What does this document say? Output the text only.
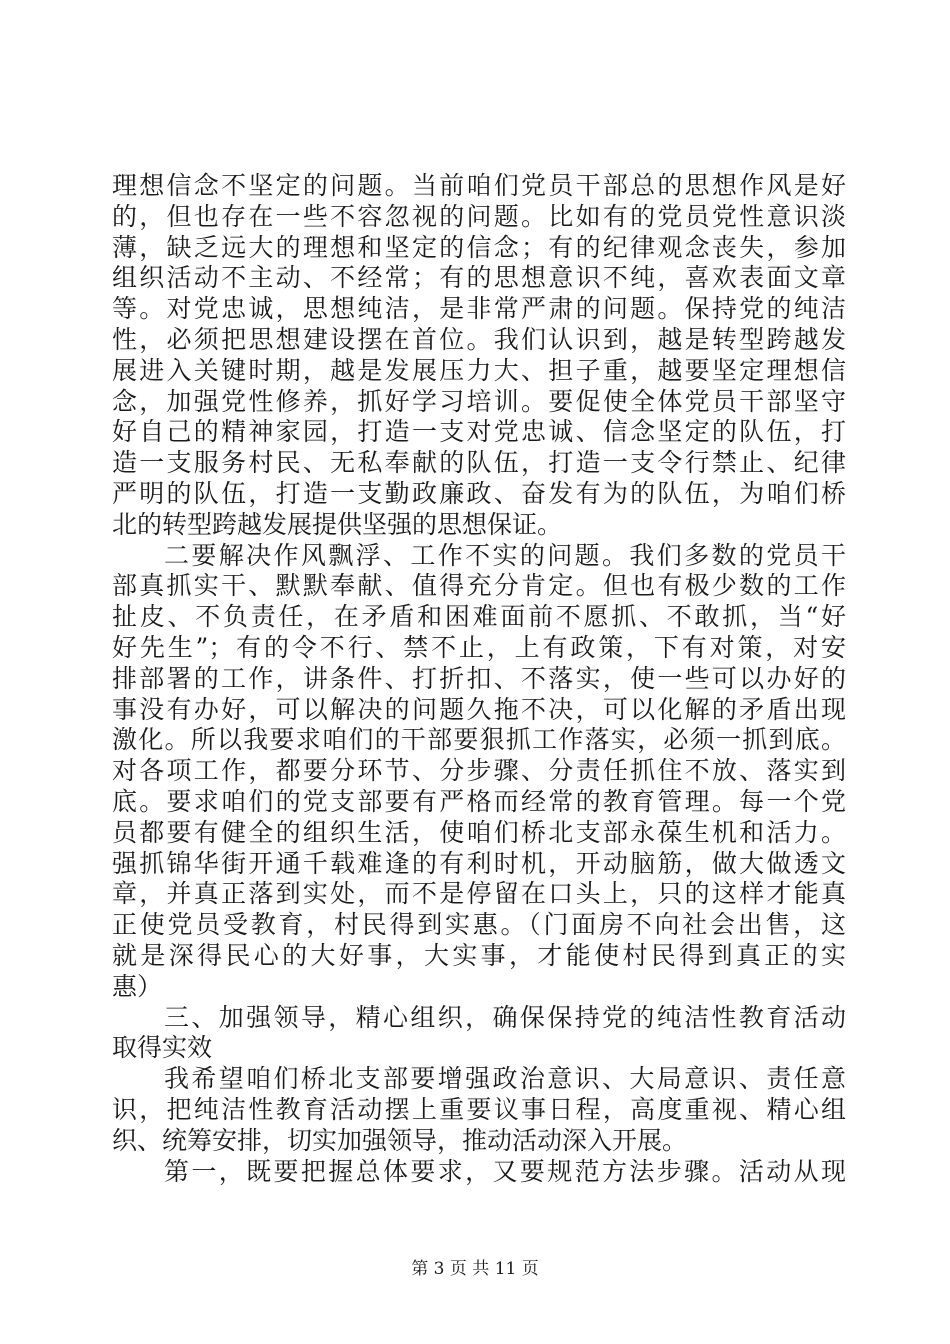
理想信念不坚定的问题。当前咱们党员干部总的思想作风是好
的，但也存在一些不容忽视的问题。比如有的党员党性意识淡
薄，缺乏远大的理想和坚定的信念；有的纪律观念丧失，参加
组织活动不主动、不经常；有的思想意识不纯，喜欢表面文章
等。对党忠诚，思想纯洁，是非常严肃的问题。保持党的纯洁
性，必须把思想建设摆在首位。我们认识到，越是转型跨越发
展进入关键时期，越是发展压力大、担子重，越要坚定理想信
念，加强党性修养，抓好学习培训。要促使全体党员干部坚守
好自己的精神家园，打造一支对党忠诚、信念坚定的队伍，打
造一支服务村民、无私奉献的队伍，打造一支令行禁止、纪律
严明的队伍，打造一支勤政廉政、奋发有为的队伍，为咱们桥
北的转型跨越发展提供坚强的思想保证。
二要解决作风飘浮、工作不实的问题。我们多数的党员干
部真抓实干、默默奉献、值得充分肯定。但也有极少数的工作
扯皮、不负责任，在矛盾和困难面前不愿抓、不敢抓，当“好
好先生”；有的令不行、禁不止，上有政策，下有对策，对安
排部署的工作，讲条件、打折扣、不落实，使一些可以办好的
事没有办好，可以解决的问题久拖不决，可以化解的矛盾出现
激化。所以我要求咱们的干部要狠抓工作落实，必须一抓到底。
对各项工作，都要分环节、分步骤、分责任抓住不放、落实到
底。要求咱们的党支部要有严格而经常的教育管理。每一个党
员都要有健全的组织生活，使咱们桥北支部永葆生机和活力。
强抓锦华街开通千载难逢的有利时机，开动脑筋，做大做透文
章，并真正落到实处，而不是停留在口头上，只的这样才能真
正使党员受教育，村民得到实惠。（门面房不向社会出售，这
就是深得民心的大好事，大实事，才能使村民得到真正的实
惠）
三、加强领导，精心组织，确保保持党的纯洁性教育活动
取得实效
我希望咱们桥北支部要增强政治意识、大局意识、责任意
识，把纯洁性教育活动摆上重要议事日程，高度重视、精心组
织、统筹安排，切实加强领导，推动活动深入开展。
第一，既要把握总体要求，又要规范方法步骤。活动从现
第 3 页 共 11 页
